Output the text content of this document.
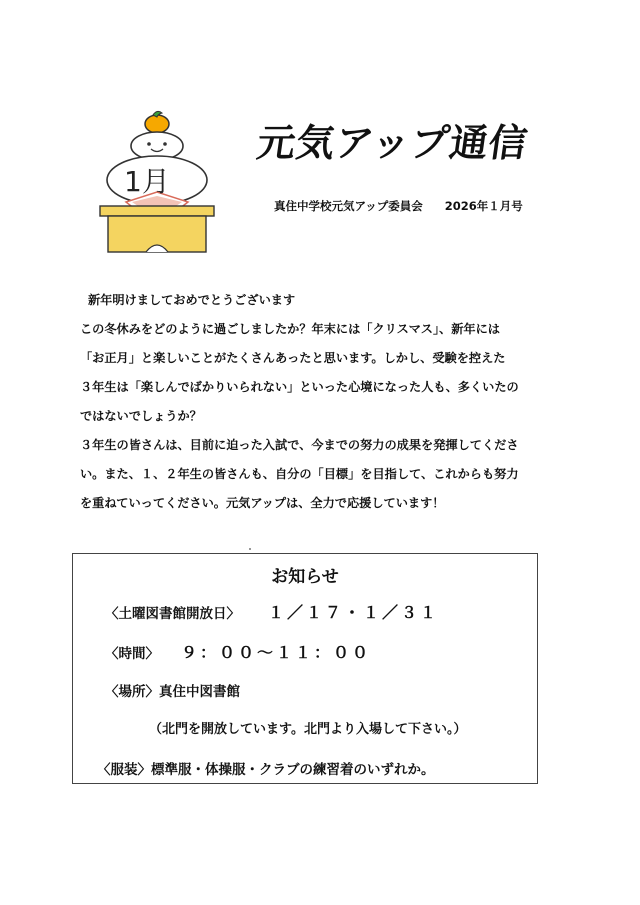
1月
元気アップ通信
真住中学校元気アップ委員会 2026年１月号
新年明けましておめでとうございます
この冬休みをどのように過ごしましたか？年末には「クリスマス」、新年には
「お正月」と楽しいことがたくさんあったと思います。しかし、受験を控えた
３年生は「楽しんでばかりいられない」といった心境になった人も、多くいたの
ではないでしょうか？
３年生の皆さんは、目前に迫った入試で、今までの努力の成果を発揮してくださ
い。また、１、２年生の皆さんも、自分の「目標」を目指して、これからも努力
を重ねていってください。元気アップは、全力で応援しています！
お知らせ
〈土曜図書館開放日〉 １／１７・１／３１
〈時間〉 ９：００～１１：００
〈場所〉真住中図書館
（北門を開放しています。北門より入場して下さい。）
〈服装〉標準服・体操服・クラブの練習着のいずれか。
